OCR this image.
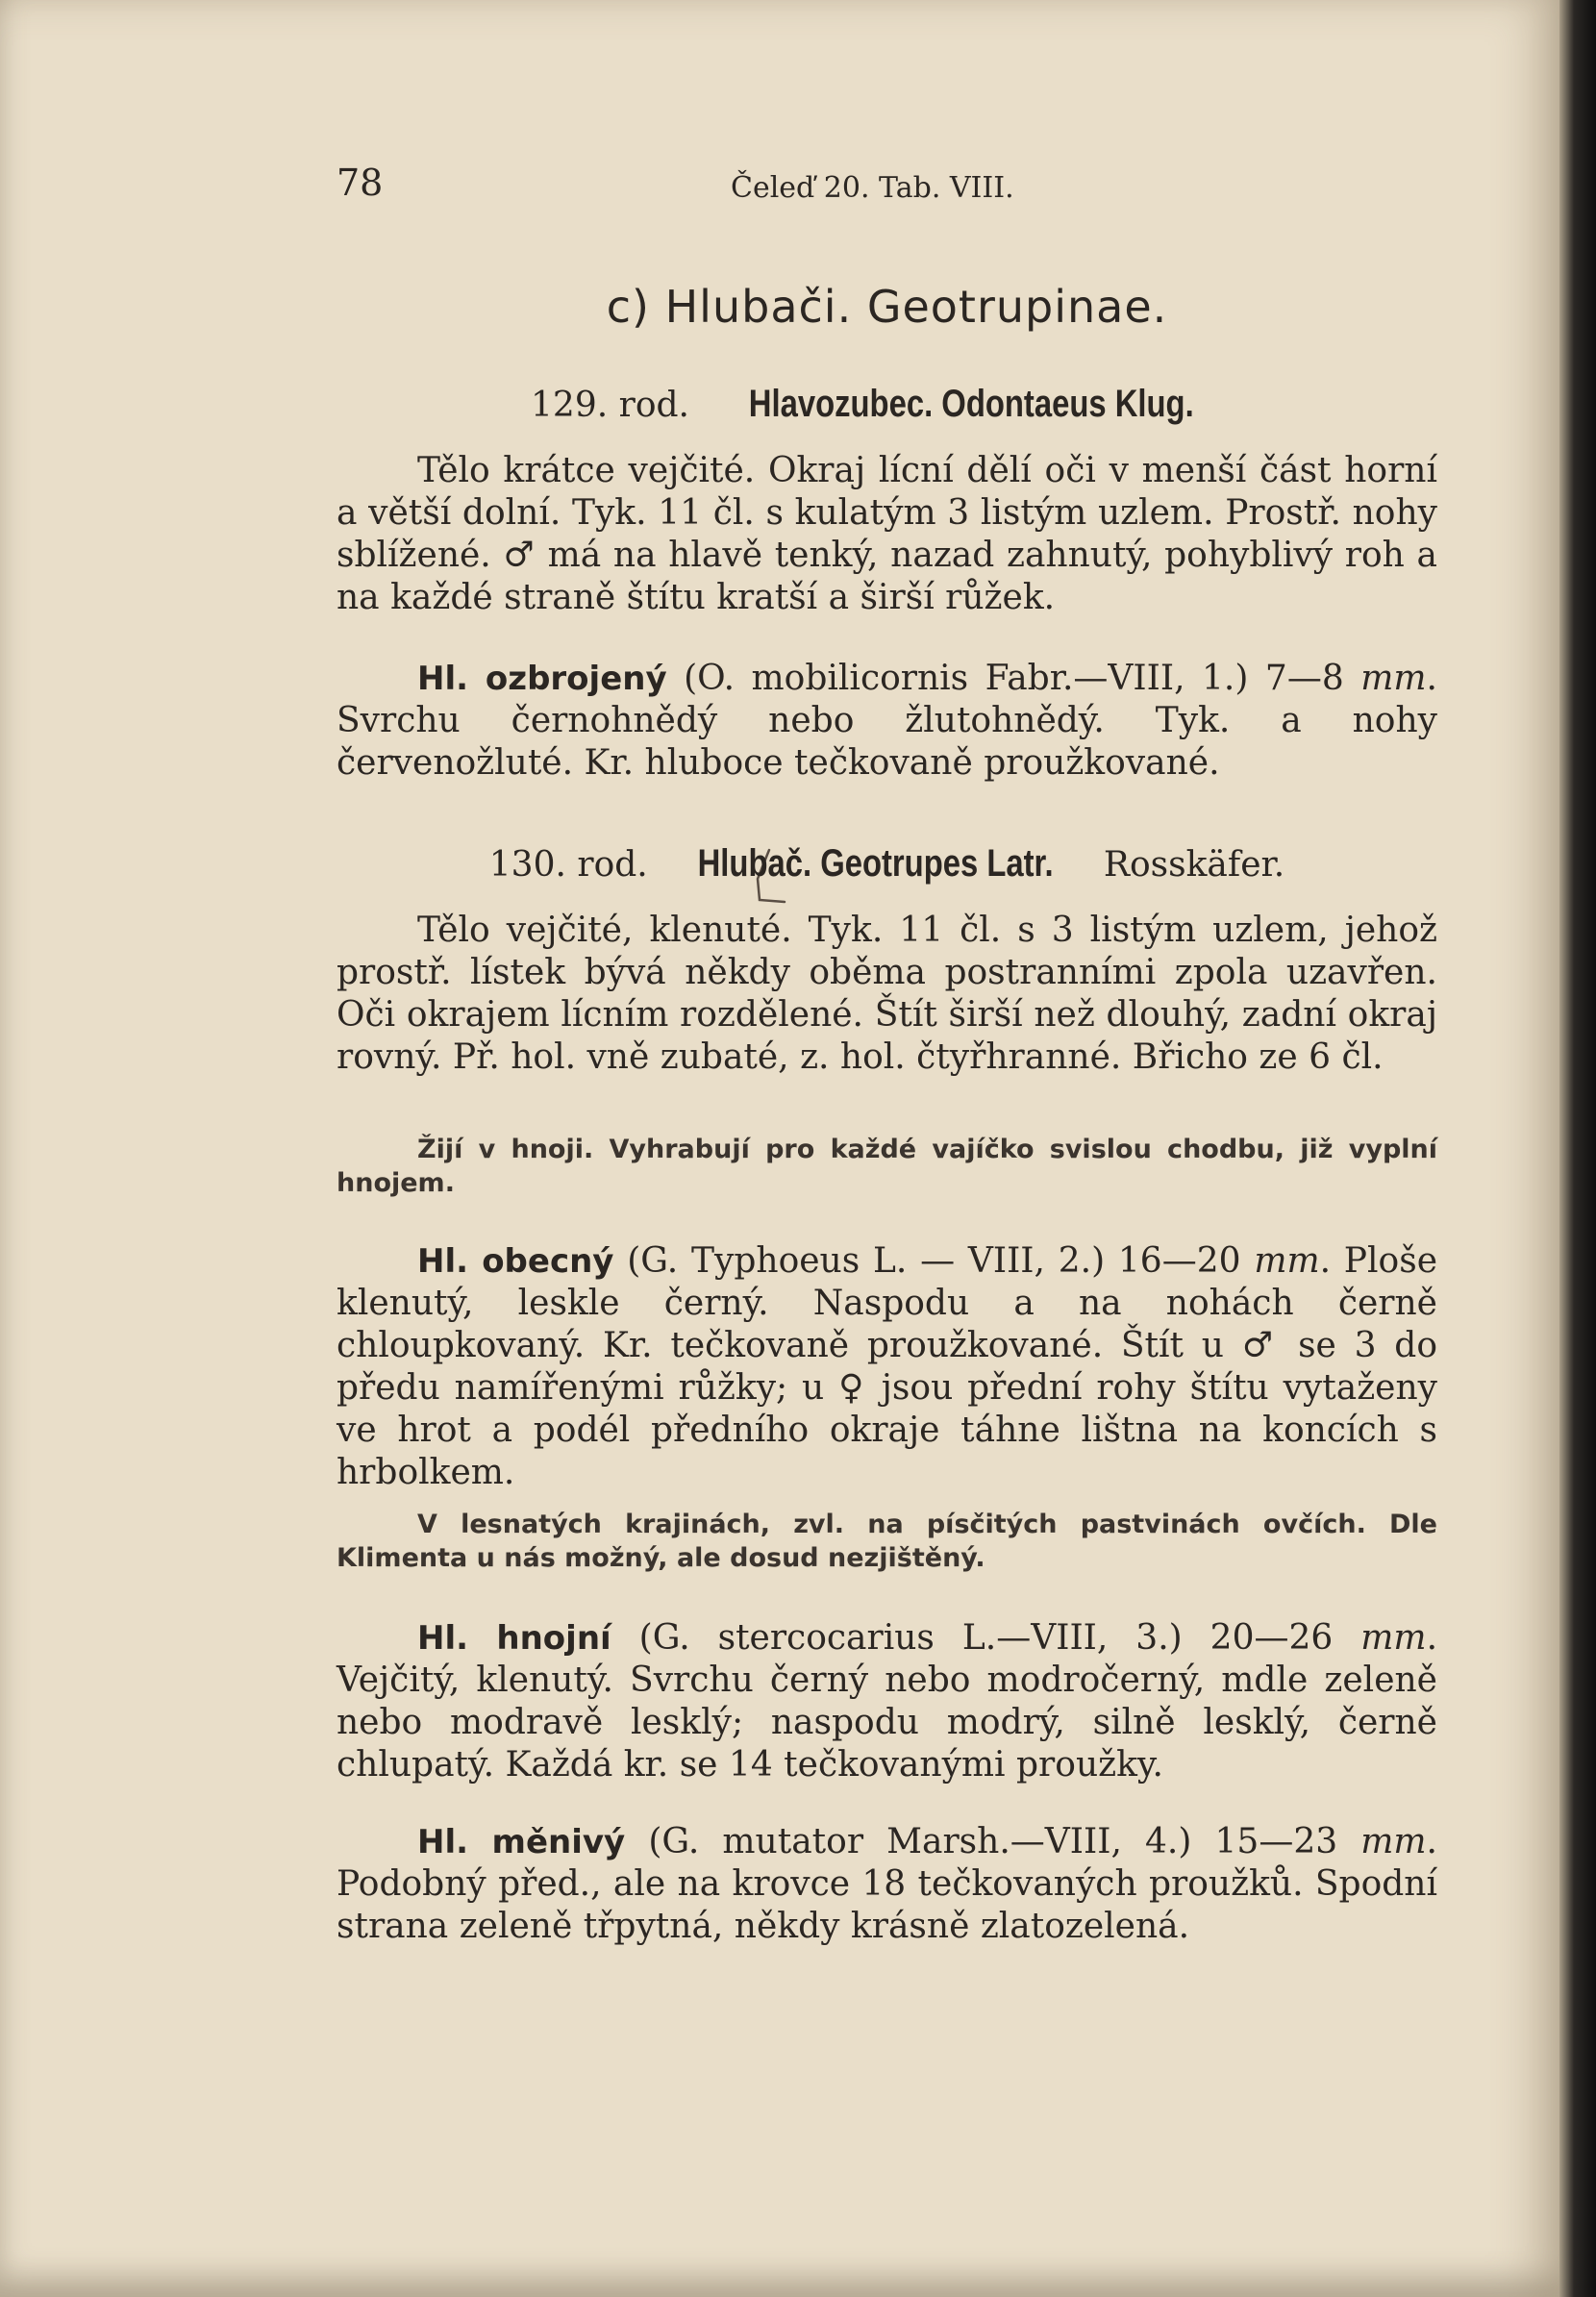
78	Čeleď 20. Tab. VIII.
c) Hlubači. Geotrupinae.
129. rod. Hlavozubec. Odontaeus Klug.

Tělo krátce vejčité. Okraj lícní dělí oči v menší část horní a větší dolní. Tyk. 11 čl. s kulatým 3 listým uzlem. Prostř. nohy sblížené. ♂ má na hlavě tenký, nazad zahnutý, pohyblivý roh a na každé straně štítu kratší a širší růžek.

Hl. ozbrojený (O. mobilicornis Fabr.—VIII, 1.) 7—8 mm. Svrchu černohnědý nebo žlutohnědý. Tyk. a nohy červenožluté. Kr. hluboce tečkovaně proužkované.

130. rod. Hlubač. Geotrupes Latr. Rosskäfer.

Tělo vejčité, klenuté. Tyk. 11 čl. s 3 listým uzlem, jehož prostř. lístek bývá někdy oběma postranními zpola uzavřen. Oči okrajem lícním rozdělené. Štít širší než dlouhý, zadní okraj rovný. Př. hol. vně zubaté, z. hol. čtyřhranné. Břicho ze 6 čl.

Žijí v hnoji. Vyhrabují pro každé vajíčko svislou chodbu, již vyplní hnojem.

Hl. obecný (G. Typhoeus L. — VIII, 2.) 16—20 mm. Ploše klenutý, leskle černý. Naspodu a na nohách černě chloupkovaný. Kr. tečkovaně proužkované. Štít u ♂ se 3 do předu namířenými růžky; u ♀ jsou přední rohy štítu vytaženy ve hrot a podél předního okraje táhne lištna na koncích s hrbolkem.

V lesnatých krajinách, zvl. na písčitých pastvinách ovčích. Dle Klimenta u nás možný, ale dosud nezjištěný.

Hl. hnojní (G. stercocarius L.—VIII, 3.) 20—26 mm. Vejčitý, klenutý. Svrchu černý nebo modročerný, mdle zeleně nebo modravě lesklý; naspodu modrý, silně lesklý, černě chlupatý. Každá kr. se 14 tečkovanými proužky.

Hl. měnivý (G. mutator Marsh.—VIII, 4.) 15—23 mm. Podobný před., ale na krovce 18 tečkovaných proužků. Spodní strana zeleně třpytná, někdy krásně zlatozelená.
